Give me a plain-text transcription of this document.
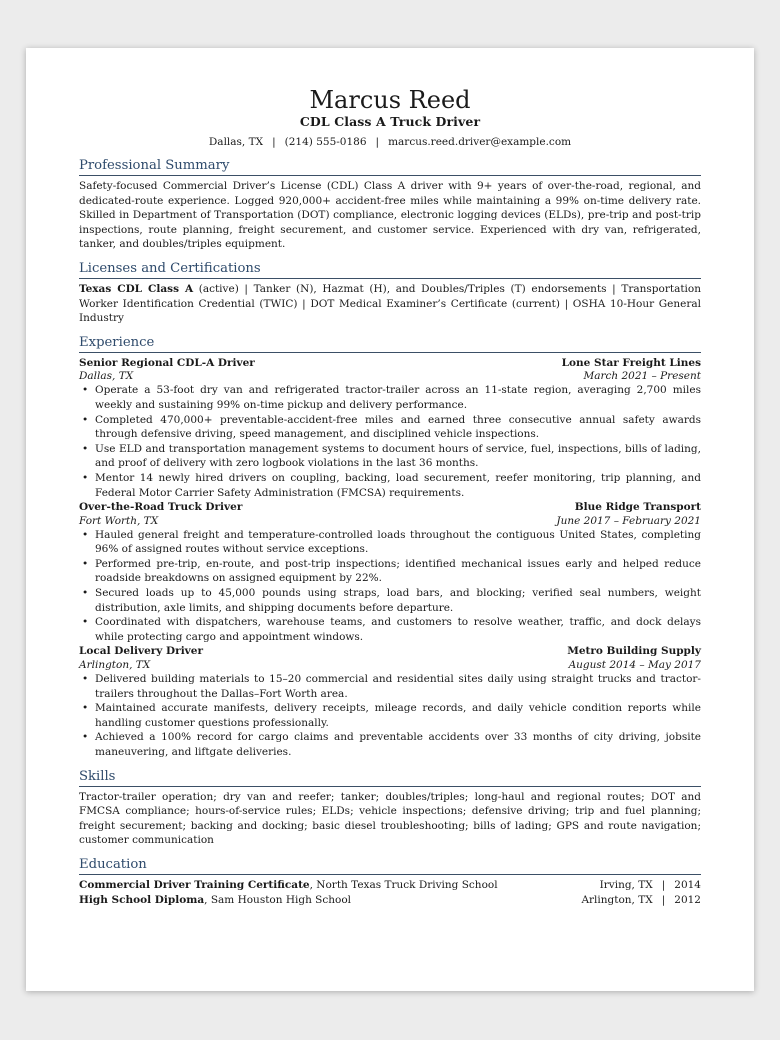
Marcus Reed
CDL Class A Truck Driver
Dallas, TX | (214) 555-0186 | marcus.reed.driver@example.com
Professional Summary
Safety-focused Commercial Driver’s License (CDL) Class A driver with 9+ years of over-the-road, regional, and dedicated-route experience. Logged 920,000+ accident-free miles while maintaining a 99% on-time delivery rate. Skilled in Department of Transportation (DOT) compliance, electronic logging devices (ELDs), pre-trip and post-trip inspections, route planning, freight securement, and customer service. Experienced with dry van, refrigerated, tanker, and doubles/triples equipment.
Licenses and Certifications
Texas CDL Class A (active) | Tanker (N), Hazmat (H), and Doubles/Triples (T) endorsements | Transportation Worker Identification Credential (TWIC) | DOT Medical Examiner’s Certificate (current) | OSHA 10-Hour General Industry
Experience
Senior Regional CDL-A Driver	Lone Star Freight Lines
Dallas, TX	March 2021 – Present
• Operate a 53-foot dry van and refrigerated tractor-trailer across an 11-state region, averaging 2,700 miles weekly and sustaining 99% on-time pickup and delivery performance.
• Completed 470,000+ preventable-accident-free miles and earned three consecutive annual safety awards through defensive driving, speed management, and disciplined vehicle inspections.
• Use ELD and transportation management systems to document hours of service, fuel, inspections, bills of lading, and proof of delivery with zero logbook violations in the last 36 months.
• Mentor 14 newly hired drivers on coupling, backing, load securement, reefer monitoring, trip planning, and Federal Motor Carrier Safety Administration (FMCSA) requirements.
Over-the-Road Truck Driver	Blue Ridge Transport
Fort Worth, TX	June 2017 – February 2021
• Hauled general freight and temperature-controlled loads throughout the contiguous United States, completing 96% of assigned routes without service exceptions.
• Performed pre-trip, en-route, and post-trip inspections; identified mechanical issues early and helped reduce roadside breakdowns on assigned equipment by 22%.
• Secured loads up to 45,000 pounds using straps, load bars, and blocking; verified seal numbers, weight distribution, axle limits, and shipping documents before departure.
• Coordinated with dispatchers, warehouse teams, and customers to resolve weather, traffic, and dock delays while protecting cargo and appointment windows.
Local Delivery Driver	Metro Building Supply
Arlington, TX	August 2014 – May 2017
• Delivered building materials to 15–20 commercial and residential sites daily using straight trucks and tractor-trailers throughout the Dallas–Fort Worth area.
• Maintained accurate manifests, delivery receipts, mileage records, and daily vehicle condition reports while handling customer questions professionally.
• Achieved a 100% record for cargo claims and preventable accidents over 33 months of city driving, jobsite maneuvering, and liftgate deliveries.
Skills
Tractor-trailer operation; dry van and reefer; tanker; doubles/triples; long-haul and regional routes; DOT and FMCSA compliance; hours-of-service rules; ELDs; vehicle inspections; defensive driving; trip and fuel planning; freight securement; backing and docking; basic diesel troubleshooting; bills of lading; GPS and route navigation; customer communication
Education
Commercial Driver Training Certificate, North Texas Truck Driving School	Irving, TX | 2014
High School Diploma, Sam Houston High School	Arlington, TX | 2012
